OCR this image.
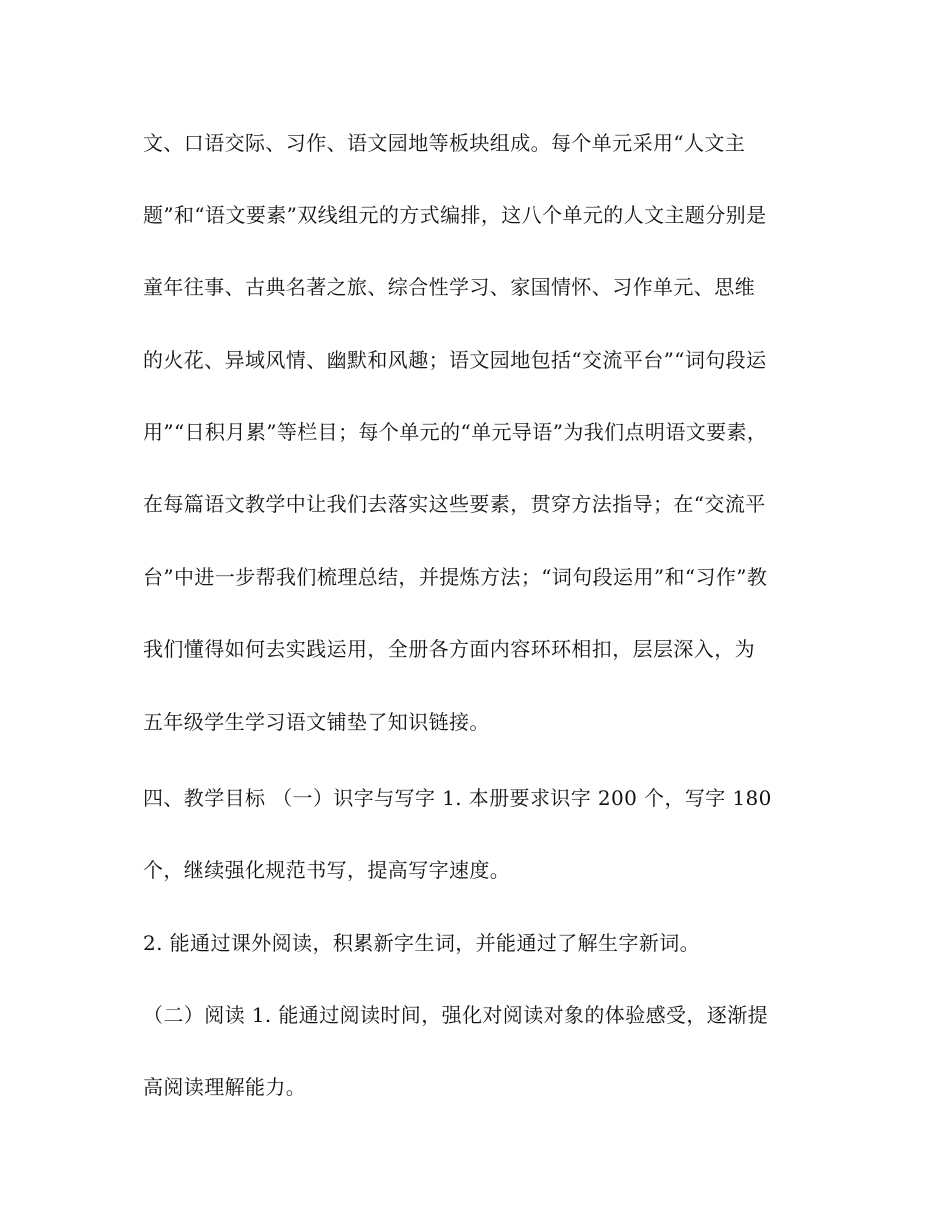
文、口语交际、习作、语文园地等板块组成。每个单元采用“人文主
题”和“语文要素”双线组元的方式编排，这八个单元的人文主题分别是
童年往事、古典名著之旅、综合性学习、家国情怀、习作单元、思维
的火花、异域风情、幽默和风趣；语文园地包括“交流平台”“词句段运
用”“日积月累”等栏目；每个单元的“单元导语”为我们点明语文要素，
在每篇语文教学中让我们去落实这些要素，贯穿方法指导；在“交流平
台”中进一步帮我们梳理总结，并提炼方法；“词句段运用”和“习作”教
我们懂得如何去实践运用，全册各方面内容环环相扣，层层深入，为
五年级学生学习语文铺垫了知识链接。
四、教学目标 （一）识字与写字 1. 本册要求识字 200 个，写字 180
个，继续强化规范书写，提高写字速度。
2. 能通过课外阅读，积累新字生词，并能通过了解生字新词。
（二）阅读 1. 能通过阅读时间，强化对阅读对象的体验感受，逐渐提
高阅读理解能力。
